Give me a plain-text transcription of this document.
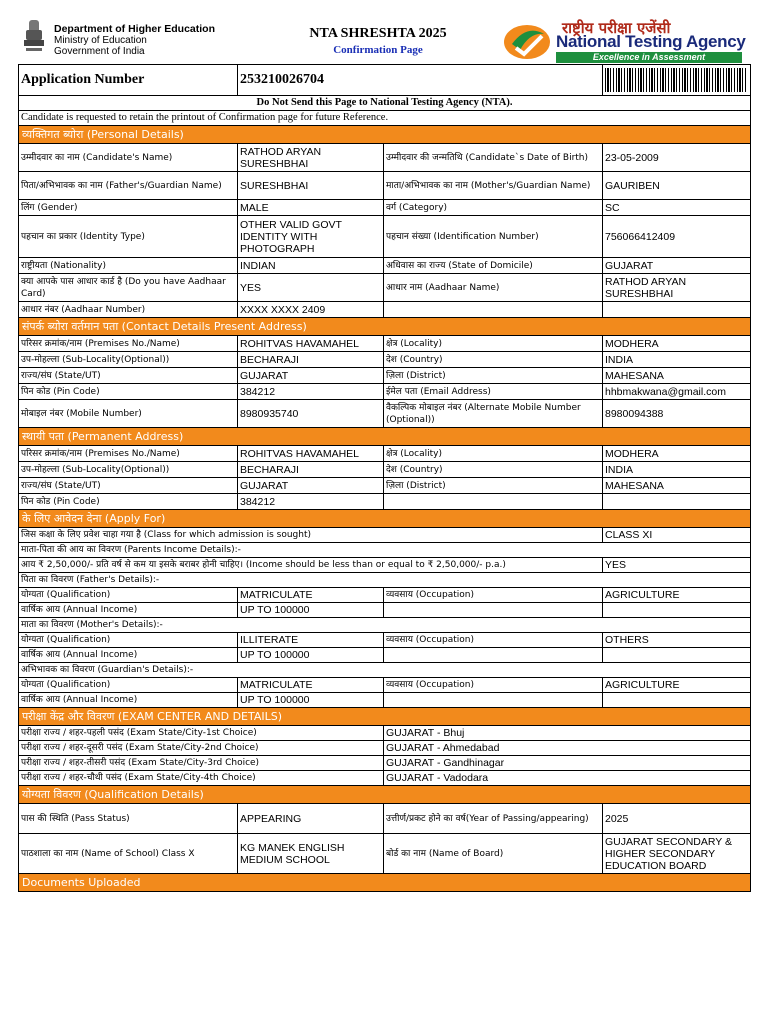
Department of Higher Education
Ministry of Education
Government of India
NTA SHRESHTA 2025
Confirmation Page
राष्ट्रीय परीक्षा एजेंसी
National Testing Agency
Excellence in Assessment
Application Number	253210026704		

Do Not Send this Page to National Testing Agency (NTA).			
Candidate is requested to retain the printout of Confirmation page for future Reference.			
व्यक्तिगत ब्योरा (Personal Details)			
उम्मीदवार का नाम (Candidate's Name)	RATHOD ARYAN SURESHBHAI	उम्मीदवार की जन्मतिथि (Candidate`s Date of Birth)	23-05-2009
पिता/अभिभावक का नाम (Father's/Guardian Name)	SURESHBHAI	माता/अभिभावक का नाम (Mother's/Guardian Name)	GAURIBEN
लिंग (Gender)	MALE	वर्ग (Category)	SC
पहचान का प्रकार (Identity Type)	OTHER VALID GOVT IDENTITY WITH PHOTOGRAPH	पहचान संख्या (Identification Number)	756066412409
राष्ट्रीयता (Nationality)	INDIAN	अधिवास का राज्य (State of Domicile)	GUJARAT
क्या आपके पास आधार कार्ड है (Do you have Aadhaar Card)	YES	आधार नाम (Aadhaar Name)	RATHOD ARYAN SURESHBHAI
आधार नंबर (Aadhaar Number)	XXXX XXXX 2409		
संपर्क ब्योरा वर्तमान पता (Contact Details Present Address)			
परिसर क्रमांक/नाम (Premises No./Name)	ROHITVAS HAVAMAHEL	क्षेत्र (Locality)	MODHERA
उप-मोहल्ला (Sub-Locality(Optional))	BECHARAJI	देश (Country)	INDIA
राज्य/संघ (State/UT)	GUJARAT	ज़िला (District)	MAHESANA
पिन कोड (Pin Code)	384212	ईमेल पता (Email Address)	hhbmakwana@gmail.com
मोबाइल नंबर (Mobile Number)	8980935740	वैकल्पिक मोबाइल नंबर (Alternate Mobile Number (Optional))	8980094388
स्थायी पता (Permanent Address)			
परिसर क्रमांक/नाम (Premises No./Name)	ROHITVAS HAVAMAHEL	क्षेत्र (Locality)	MODHERA
उप-मोहल्ला (Sub-Locality(Optional))	BECHARAJI	देश (Country)	INDIA
राज्य/संघ (State/UT)	GUJARAT	ज़िला (District)	MAHESANA
पिन कोड (Pin Code)	384212		
के लिए आवेदन देना (Apply For)			
जिस कक्षा के लिए प्रवेश चाहा गया है (Class for which admission is sought)			CLASS XI
माता-पिता की आय का विवरण (Parents Income Details):-			
आय ₹ 2,50,000/- प्रति वर्ष से कम या इसके बराबर होनी चाहिए। (Income should be less than or equal to ₹ 2,50,000/- p.a.)			YES
पिता का विवरण (Father's Details):-			
योग्यता (Qualification)	MATRICULATE	व्यवसाय (Occupation)	AGRICULTURE
वार्षिक आय (Annual Income)	UP TO 100000		
माता का विवरण (Mother's Details):-			
योग्यता (Qualification)	ILLITERATE	व्यवसाय (Occupation)	OTHERS
वार्षिक आय (Annual Income)	UP TO 100000		
अभिभावक का विवरण (Guardian's Details):-			
योग्यता (Qualification)	MATRICULATE	व्यवसाय (Occupation)	AGRICULTURE
वार्षिक आय (Annual Income)	UP TO 100000		
परीक्षा केंद्र और विवरण (EXAM CENTER AND DETAILS)			
परीक्षा राज्य / शहर-पहली पसंद (Exam State/City-1st Choice)		GUJARAT - Bhuj	
परीक्षा राज्य / शहर-दूसरी पसंद (Exam State/City-2nd Choice)		GUJARAT - Ahmedabad	
परीक्षा राज्य / शहर-तीसरी पसंद (Exam State/City-3rd Choice)		GUJARAT - Gandhinagar	
परीक्षा राज्य / शहर-चौथी पसंद (Exam State/City-4th Choice)		GUJARAT - Vadodara	
योग्यता विवरण (Qualification Details)			
पास की स्थिति (Pass Status)	APPEARING	उत्तीर्ण/प्रकट होने का वर्ष(Year of Passing/appearing)	2025
पाठशाला का नाम (Name of School) Class X	KG MANEK ENGLISH MEDIUM SCHOOL	बोर्ड का नाम (Name of Board)	GUJARAT SECONDARY & HIGHER SECONDARY EDUCATION BOARD
Documents Uploaded			
